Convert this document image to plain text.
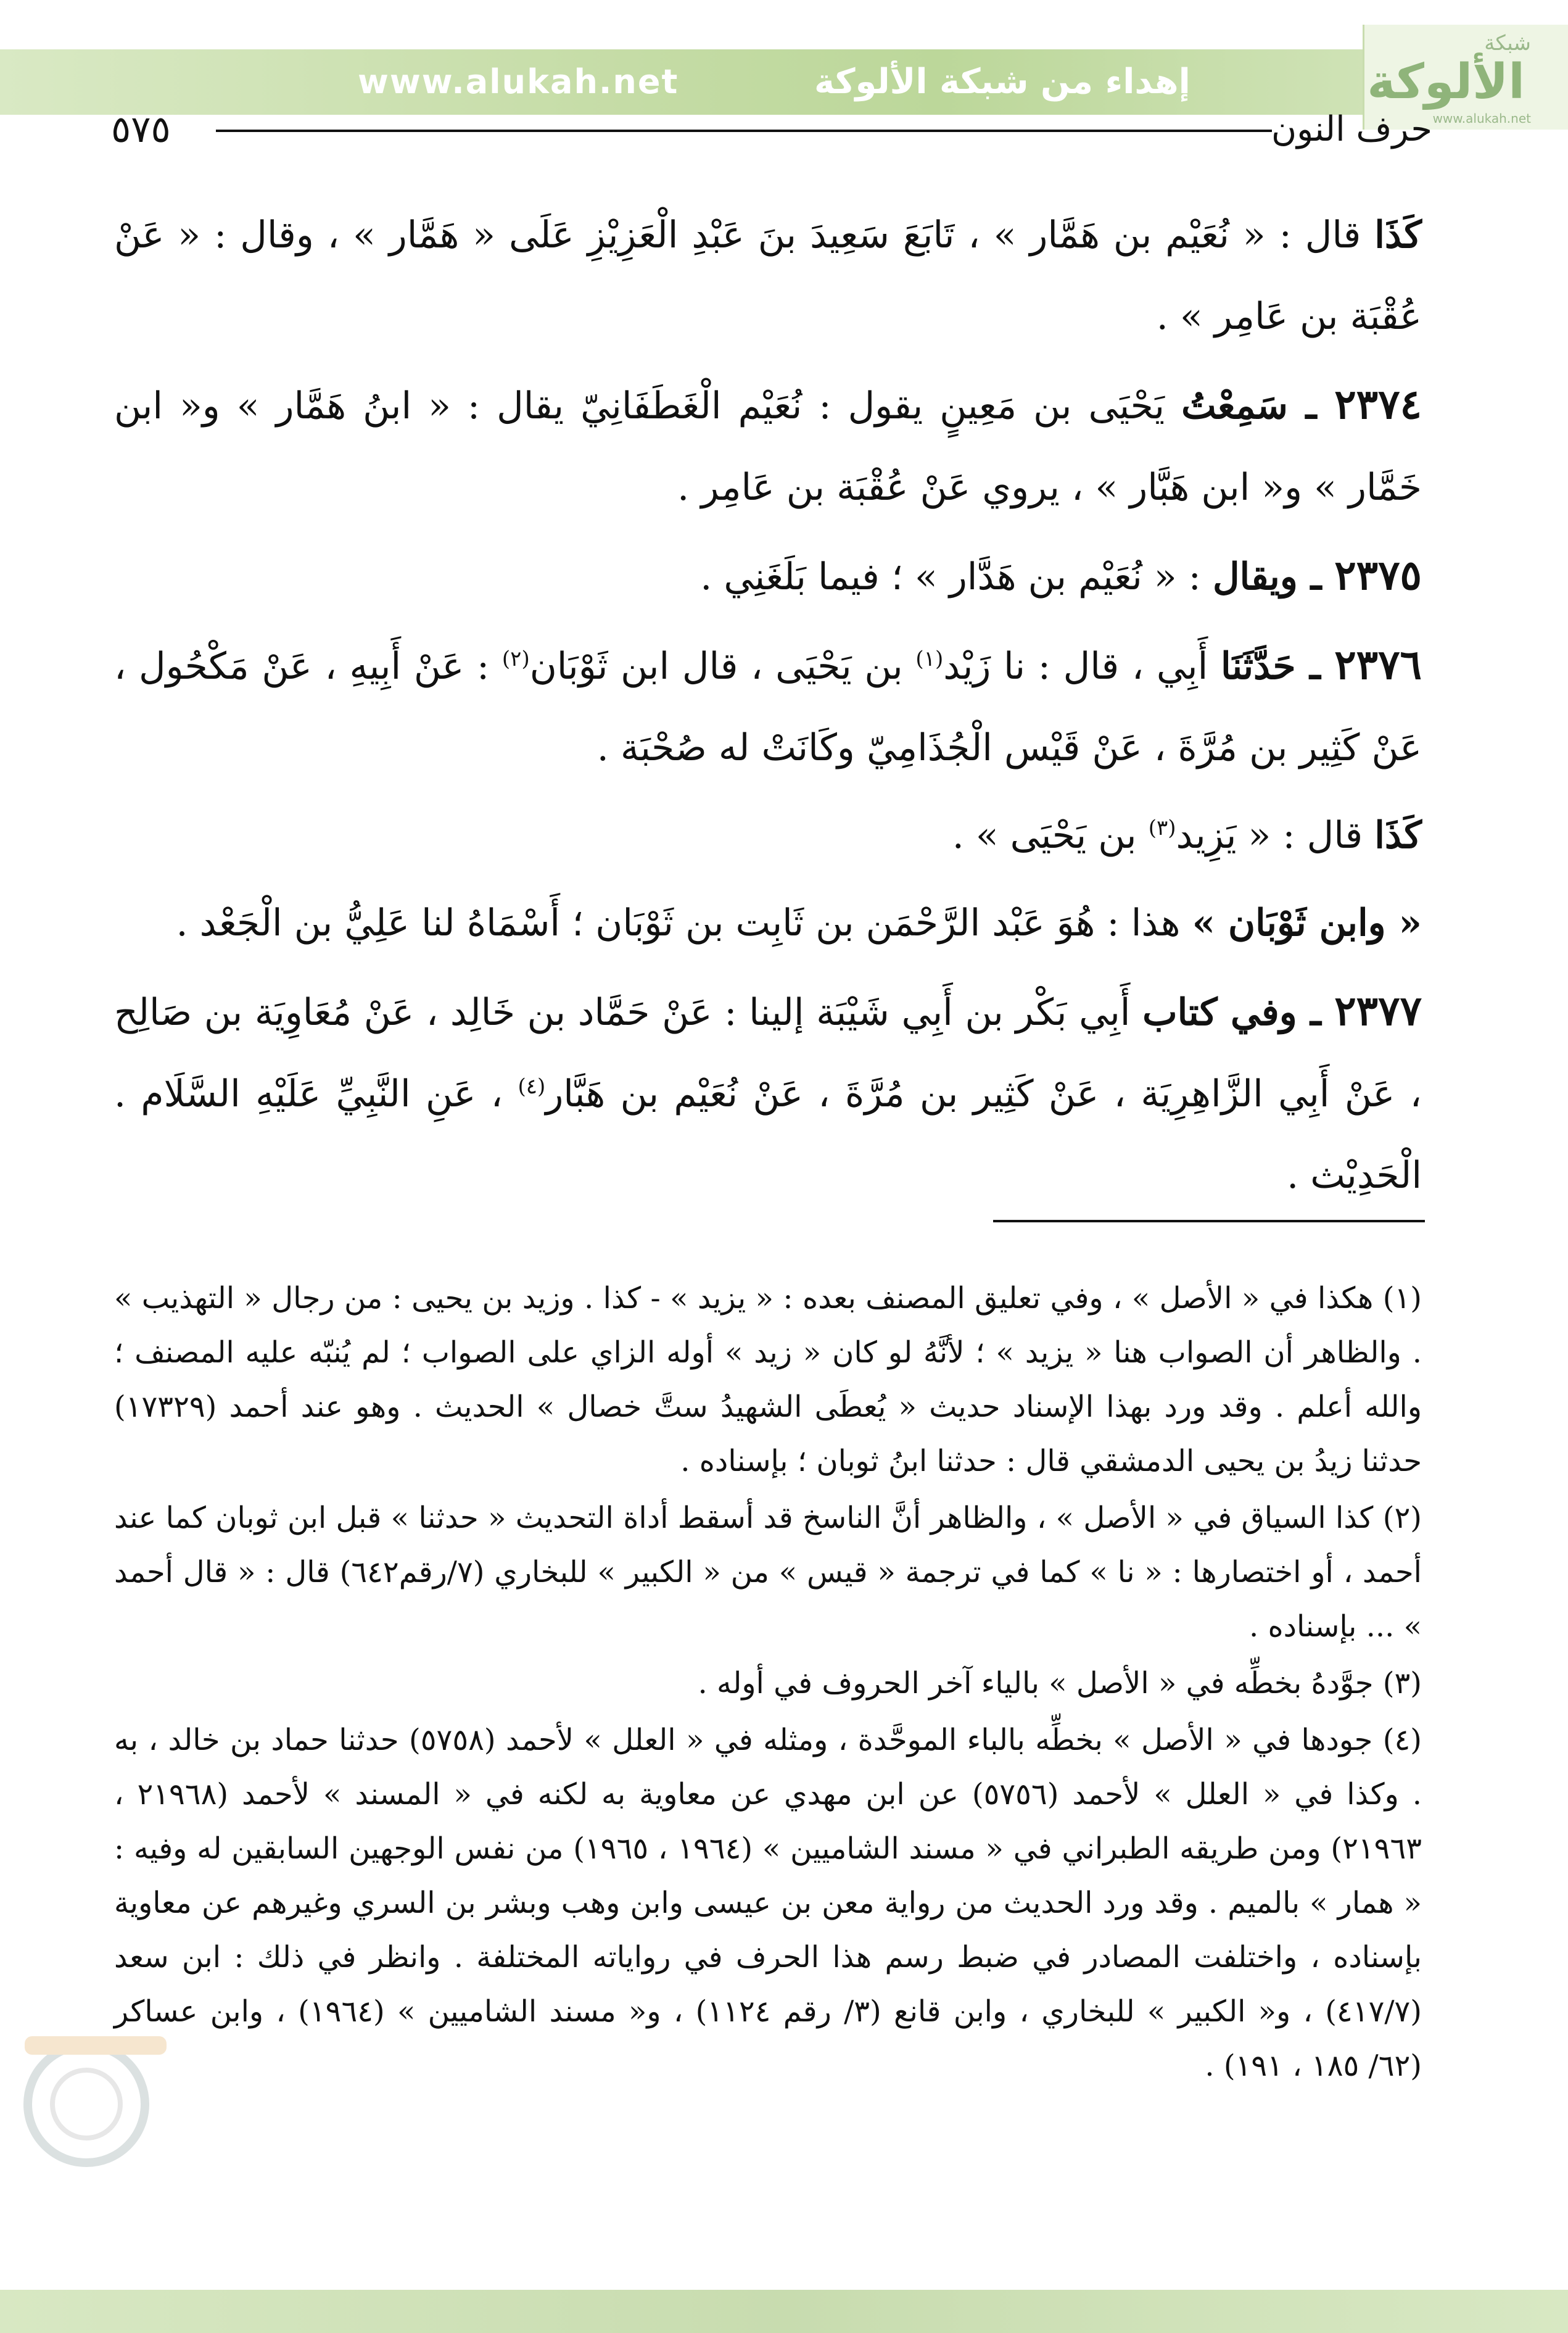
www.alukah.net	إهداء من شبكة الألوكة
شبكة
الألوكة
www.alukah.net
٥٧٥	حرف النون

كَذَا قال : « نُعَيْم بن هَمَّار » ، تَابَعَ سَعِيدَ بنَ عَبْدِ الْعَزِيْزِ عَلَى « هَمَّار » ، وقال : « عَنْ عُقْبَة بن عَامِر » .

٢٣٧٤ ـ سَمِعْتُ يَحْيَى بن مَعِينٍ يقول : نُعَيْم الْغَطَفَانِيّ يقال : « ابنُ هَمَّار » و« ابن خَمَّار » و« ابن هَبَّار » ، يروي عَنْ عُقْبَة بن عَامِر .

٢٣٧٥ ـ ويقال : « نُعَيْم بن هَدَّار » ؛ فيما بَلَغَنِي .

٢٣٧٦ ـ حَدَّثَنَا أَبِي ، قال : نا زَيْد$^{(١)}$ بن يَحْيَى ، قال ابن ثَوْبَان$^{(٢)}$ : عَنْ أَبِيهِ ، عَنْ مَكْحُول ، عَنْ كَثِير بن مُرَّةَ ، عَنْ قَيْس الْجُذَامِيّ وكَانَتْ له صُحْبَة .

كَذَا قال : « يَزِيد$^{(٣)}$ بن يَحْيَى » .

« وابن ثَوْبَان » هذا : هُوَ عَبْد الرَّحْمَن بن ثَابِت بن ثَوْبَان ؛ أَسْمَاهُ لنا عَلِيُّ بن الْجَعْد .

٢٣٧٧ ـ وفي كتاب أَبِي بَكْر بن أَبِي شَيْبَة إلينا : عَنْ حَمَّاد بن خَالِد ، عَنْ مُعَاوِيَة بن صَالِح ، عَنْ أَبِي الزَّاهِرِيَة ، عَنْ كَثِير بن مُرَّةَ ، عَنْ نُعَيْم بن هَبَّار$^{(٤)}$ ، عَنِ النَّبِيِّ عَلَيْهِ السَّلَام . الْحَدِيْث .

(١) هكذا في « الأصل » ، وفي تعليق المصنف بعده : « يزيد » - كذا . وزيد بن يحيى : من رجال « التهذيب » . والظاهر أن الصواب هنا « يزيد » ؛ لأنَّهُ لو كان « زيد » أوله الزاي على الصواب ؛ لم يُنبّه عليه المصنف ؛ والله أعلم . وقد ورد بهذا الإسناد حديث « يُعطَى الشهيدُ ستَّ خصال » الحديث . وهو عند أحمد (١٧٣٢٩) حدثنا زيدُ بن يحيى الدمشقي قال : حدثنا ابنُ ثوبان ؛ بإسناده .

(٢) كذا السياق في « الأصل » ، والظاهر أنَّ الناسخ قد أسقط أداة التحديث « حدثنا » قبل ابن ثوبان كما عند أحمد ، أو اختصارها : « نا » كما في ترجمة « قيس » من « الكبير » للبخاري (٧/رقم٦٤٢) قال : « قال أحمد » ... بإسناده .

(٣) جوَّدهُ بخطِّه في « الأصل » بالياء آخر الحروف في أوله .

(٤) جودها في « الأصل » بخطِّه بالباء الموحَّدة ، ومثله في « العلل » لأحمد (٥٧٥٨) حدثنا حماد بن خالد ، به . وكذا في « العلل » لأحمد (٥٧٥٦) عن ابن مهدي عن معاوية به لكنه في « المسند » لأحمد (٢١٩٦٨ ، ٢١٩٦٣) ومن طريقه الطبراني في « مسند الشاميين » (١٩٦٤ ، ١٩٦٥) من نفس الوجهين السابقين له وفيه : « همار » بالميم . وقد ورد الحديث من رواية معن بن عيسى وابن وهب وبشر بن السري وغيرهم عن معاوية بإسناده ، واختلفت المصادر في ضبط رسم هذا الحرف في رواياته المختلفة . وانظر في ذلك : ابن سعد (٤١٧/٧) ، و« الكبير » للبخاري ، وابن قانع (٣/ رقم ١١٢٤) ، و« مسند الشاميين » (١٩٦٤) ، وابن عساكر (٦٢/ ١٨٥ ، ١٩١) .
